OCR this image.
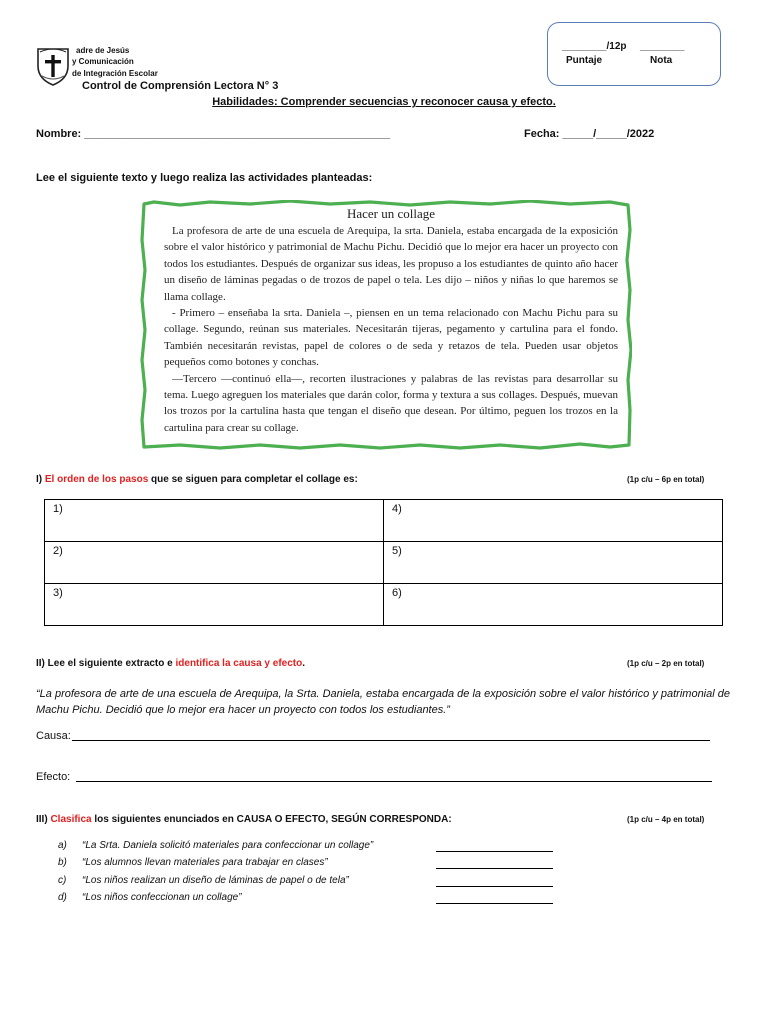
adre de Jesús
y Comunicación
de Integración Escolar
________/12p ________
Puntaje	Nota
Control de Comprensión Lectora N° 3
Habilidades: Comprender secuencias y reconocer causa y efecto.
Nombre: __________________________________________________	Fecha: _____/_____/2022
Lee el siguiente texto y luego realiza las actividades planteadas:
Hacer un collage

La profesora de arte de una escuela de Arequipa, la srta. Daniela, estaba encargada de la exposición sobre el valor histórico y patrimonial de Machu Pichu. Decidió que lo mejor era hacer un proyecto con todos los estudiantes. Después de organizar sus ideas, les propuso a los estudiantes de quinto año hacer un diseño de láminas pegadas o de trozos de papel o tela. Les dijo – niños y niñas lo que haremos se llama collage.

- Primero – enseñaba la srta. Daniela –, piensen en un tema relacionado con Machu Pichu para su collage. Segundo, reúnan sus materiales. Necesitarán tijeras, pegamento y cartulina para el fondo. También necesitarán revistas, papel de colores o de seda y retazos de tela. Pueden usar objetos pequeños como botones y conchas.

—Tercero —continuó ella—, recorten ilustraciones y palabras de las revistas para desarrollar su tema. Luego agreguen los materiales que darán color, forma y textura a sus collages. Después, muevan los trozos por la cartulina hasta que tengan el diseño que desean. Por último, peguen los trozos en la cartulina para crear su collage.

I) El orden de los pasos que se siguen para completar el collage es:	(1p c/u – 6p en total)
1)	4)
2)	5)
3)	6)
II) Lee el siguiente extracto e identifica la causa y efecto.	(1p c/u – 2p en total)
“La profesora de arte de una escuela de Arequipa, la Srta. Daniela, estaba encargada de la exposición sobre el valor histórico y patrimonial de Machu Pichu. Decidió que lo mejor era hacer un proyecto con todos los estudiantes.”
Causa:
Efecto:
III) Clasifica los siguientes enunciados en CAUSA O EFECTO, SEGÚN CORRESPONDA:	(1p c/u – 4p en total)
a) “La Srta. Daniela solicitó materiales para confeccionar un collage”
b) “Los alumnos llevan materiales para trabajar en clases”
c) “Los niños realizan un diseño de láminas de papel o de tela”
d) “Los niños confeccionan un collage”
